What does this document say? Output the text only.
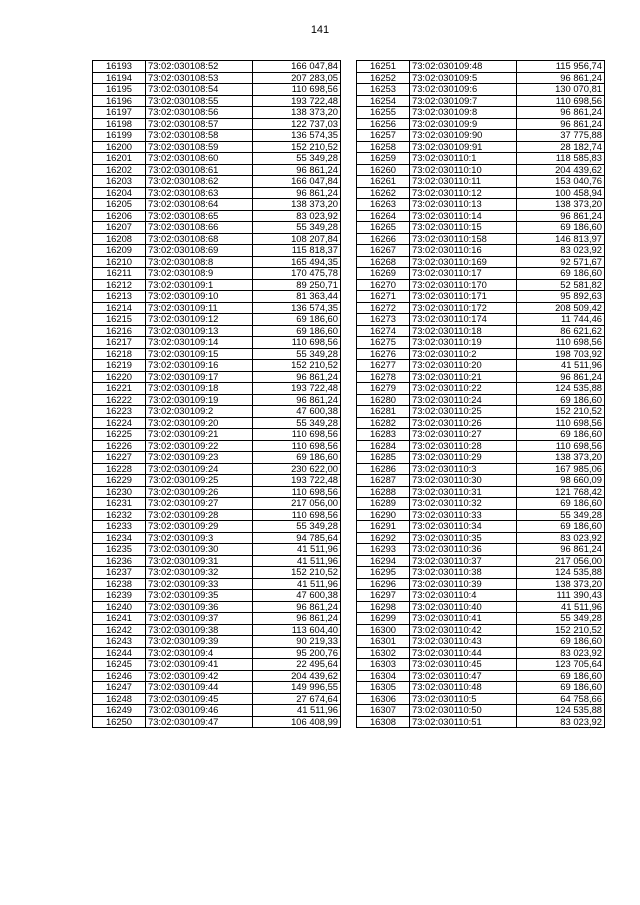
141
16193	73:02:030108:52	166 047,84
16194	73:02:030108:53	207 283,05
16195	73:02:030108:54	110 698,56
16196	73:02:030108:55	193 722,48
16197	73:02:030108:56	138 373,20
16198	73:02:030108:57	122 737,03
16199	73:02:030108:58	136 574,35
16200	73:02:030108:59	152 210,52
16201	73:02:030108:60	55 349,28
16202	73:02:030108:61	96 861,24
16203	73:02:030108:62	166 047,84
16204	73:02:030108:63	96 861,24
16205	73:02:030108:64	138 373,20
16206	73:02:030108:65	83 023,92
16207	73:02:030108:66	55 349,28
16208	73:02:030108:68	108 207,84
16209	73:02:030108:69	115 818,37
16210	73:02:030108:8	165 494,35
16211	73:02:030108:9	170 475,78
16212	73:02:030109:1	89 250,71
16213	73:02:030109:10	81 363,44
16214	73:02:030109:11	136 574,35
16215	73:02:030109:12	69 186,60
16216	73:02:030109:13	69 186,60
16217	73:02:030109:14	110 698,56
16218	73:02:030109:15	55 349,28
16219	73:02:030109:16	152 210,52
16220	73:02:030109:17	96 861,24
16221	73:02:030109:18	193 722,48
16222	73:02:030109:19	96 861,24
16223	73:02:030109:2	47 600,38
16224	73:02:030109:20	55 349,28
16225	73:02:030109:21	110 698,56
16226	73:02:030109:22	110 698,56
16227	73:02:030109:23	69 186,60
16228	73:02:030109:24	230 622,00
16229	73:02:030109:25	193 722,48
16230	73:02:030109:26	110 698,56
16231	73:02:030109:27	217 056,00
16232	73:02:030109:28	110 698,56
16233	73:02:030109:29	55 349,28
16234	73:02:030109:3	94 785,64
16235	73:02:030109:30	41 511,96
16236	73:02:030109:31	41 511,96
16237	73:02:030109:32	152 210,52
16238	73:02:030109:33	41 511,96
16239	73:02:030109:35	47 600,38
16240	73:02:030109:36	96 861,24
16241	73:02:030109:37	96 861,24
16242	73:02:030109:38	113 604,40
16243	73:02:030109:39	90 219,33
16244	73:02:030109:4	95 200,76
16245	73:02:030109:41	22 495,64
16246	73:02:030109:42	204 439,62
16247	73:02:030109:44	149 996,55
16248	73:02:030109:45	27 674,64
16249	73:02:030109:46	41 511,96
16250	73:02:030109:47	106 408,99
16251	73:02:030109:48	115 956,74
16252	73:02:030109:5	96 861,24
16253	73:02:030109:6	130 070,81
16254	73:02:030109:7	110 698,56
16255	73:02:030109:8	96 861,24
16256	73:02:030109:9	96 861,24
16257	73:02:030109:90	37 775,88
16258	73:02:030109:91	28 182,74
16259	73:02:030110:1	118 585,83
16260	73:02:030110:10	204 439,62
16261	73:02:030110:11	153 040,76
16262	73:02:030110:12	100 458,94
16263	73:02:030110:13	138 373,20
16264	73:02:030110:14	96 861,24
16265	73:02:030110:15	69 186,60
16266	73:02:030110:158	146 813,97
16267	73:02:030110:16	83 023,92
16268	73:02:030110:169	92 571,67
16269	73:02:030110:17	69 186,60
16270	73:02:030110:170	52 581,82
16271	73:02:030110:171	95 892,63
16272	73:02:030110:172	208 509,42
16273	73:02:030110:174	11 744,46
16274	73:02:030110:18	86 621,62
16275	73:02:030110:19	110 698,56
16276	73:02:030110:2	198 703,92
16277	73:02:030110:20	41 511,96
16278	73:02:030110:21	96 861,24
16279	73:02:030110:22	124 535,88
16280	73:02:030110:24	69 186,60
16281	73:02:030110:25	152 210,52
16282	73:02:030110:26	110 698,56
16283	73:02:030110:27	69 186,60
16284	73:02:030110:28	110 698,56
16285	73:02:030110:29	138 373,20
16286	73:02:030110:3	167 985,06
16287	73:02:030110:30	98 660,09
16288	73:02:030110:31	121 768,42
16289	73:02:030110:32	69 186,60
16290	73:02:030110:33	55 349,28
16291	73:02:030110:34	69 186,60
16292	73:02:030110:35	83 023,92
16293	73:02:030110:36	96 861,24
16294	73:02:030110:37	217 056,00
16295	73:02:030110:38	124 535,88
16296	73:02:030110:39	138 373,20
16297	73:02:030110:4	111 390,43
16298	73:02:030110:40	41 511,96
16299	73:02:030110:41	55 349,28
16300	73:02:030110:42	152 210,52
16301	73:02:030110:43	69 186,60
16302	73:02:030110:44	83 023,92
16303	73:02:030110:45	123 705,64
16304	73:02:030110:47	69 186,60
16305	73:02:030110:48	69 186,60
16306	73:02:030110:5	64 758,66
16307	73:02:030110:50	124 535,88
16308	73:02:030110:51	83 023,92
